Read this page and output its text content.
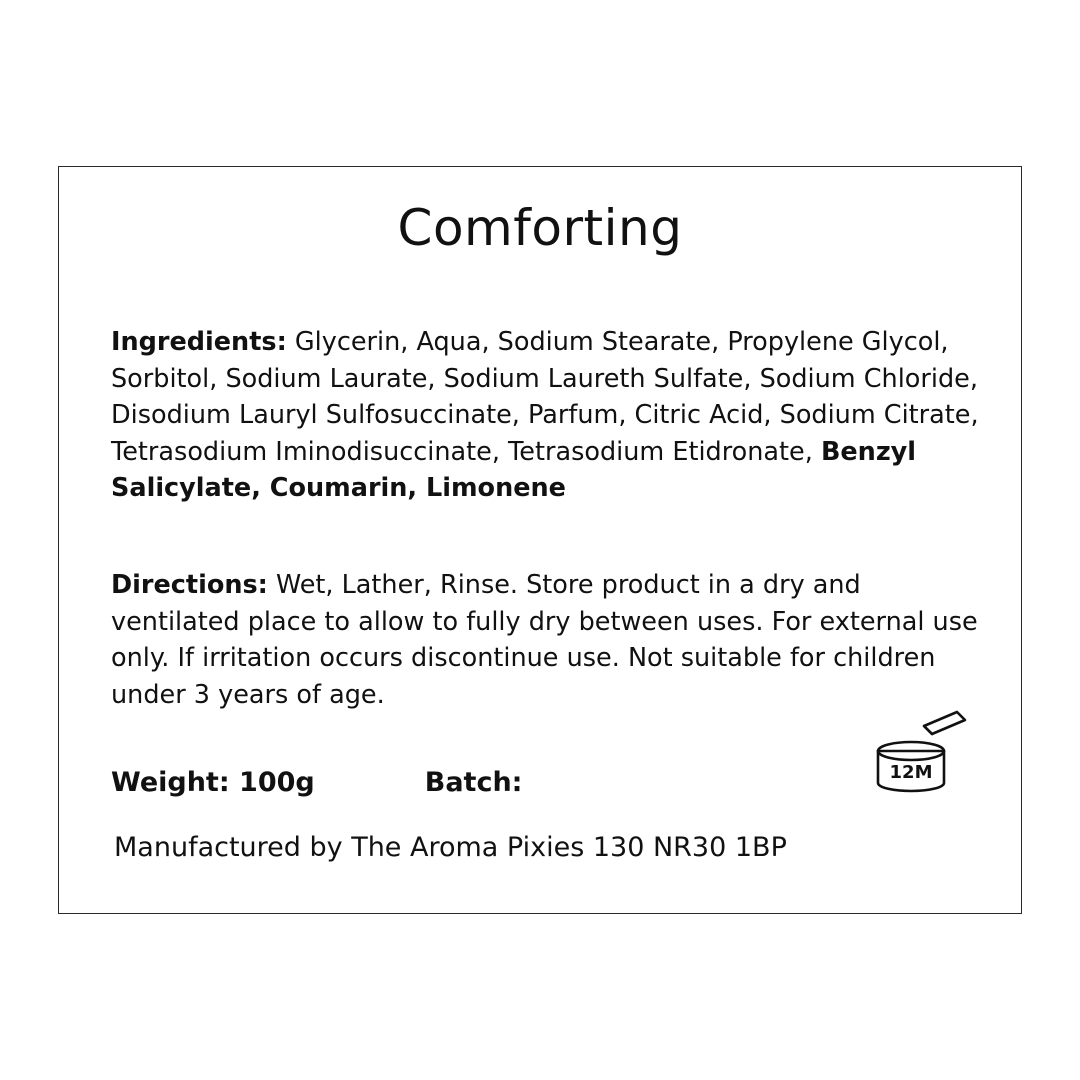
Comforting
Ingredients: Glycerin, Aqua, Sodium Stearate, Propylene Glycol, Sorbitol, Sodium Laurate, Sodium Laureth Sulfate, Sodium Chloride, Disodium Lauryl Sulfosuccinate, Parfum, Citric Acid, Sodium Citrate, Tetrasodium Iminodisuccinate, Tetrasodium Etidronate, Benzyl Salicylate, Coumarin, Limonene
Directions: Wet, Lather, Rinse. Store product in a dry and ventilated place to allow to fully dry between uses. For external use only. If irritation occurs discontinue use. Not suitable for children under 3 years of age.
Weight: 100g	Batch:
Manufactured by The Aroma Pixies 130 NR30 1BP
12M
